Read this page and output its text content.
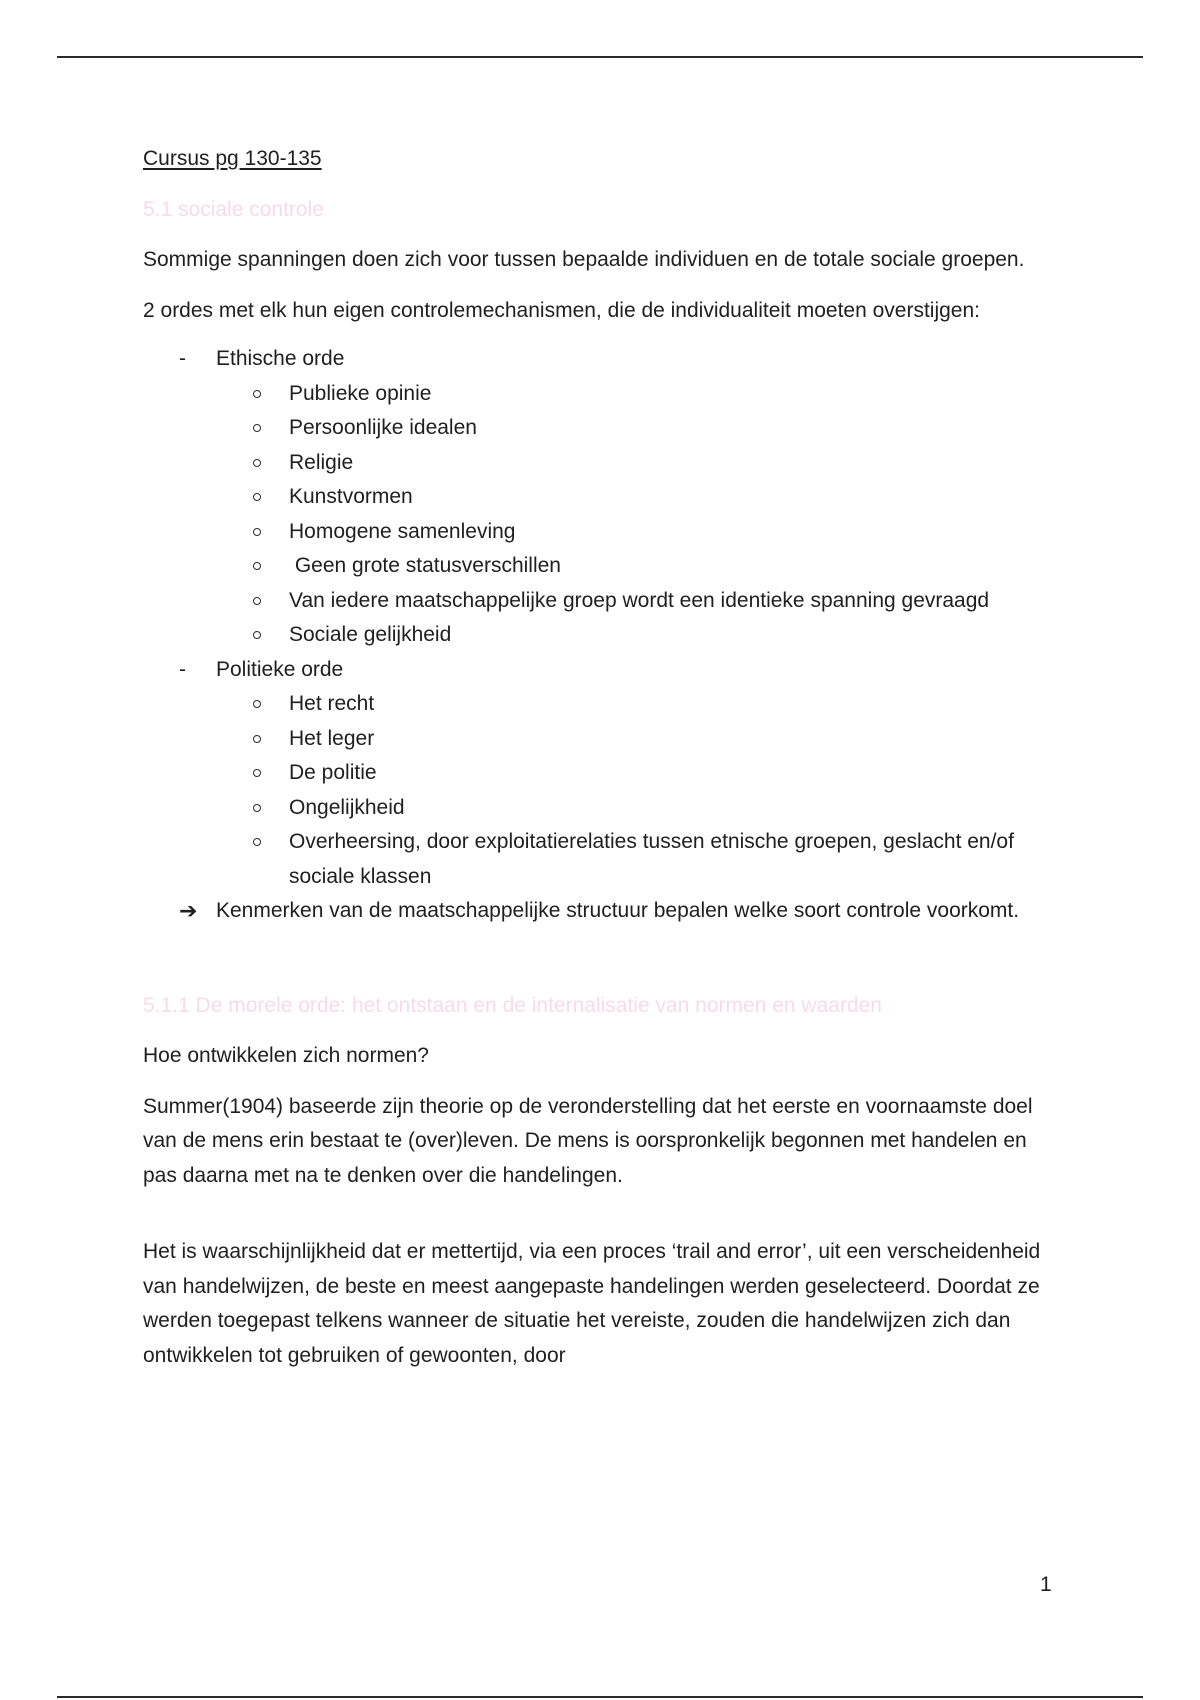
Cursus pg 130-135

5.1 sociale controle

Sommige spanningen doen zich voor tussen bepaalde individuen en de totale sociale groepen.

2 ordes met elk hun eigen controlemechanismen, die de individualiteit moeten overstijgen:

- Ethische orde
Publieke opinie
Persoonlijke idealen
Religie
Kunstvormen
Homogene samenleving
Geen grote statusverschillen
Van iedere maatschappelijke groep wordt een identieke spanning gevraagd
Sociale gelijkheid
- Politieke orde
Het recht
Het leger
De politie
Ongelijkheid
Overheersing, door exploitatierelaties tussen etnische groepen, geslacht en/of sociale klassen

➔ Kenmerken van de maatschappelijke structuur bepalen welke soort controle voorkomt.

5.1.1 De morele orde: het ontstaan en de internalisatie van normen en waarden

Hoe ontwikkelen zich normen?

Summer(1904) baseerde zijn theorie op de veronderstelling dat het eerste en voornaamste doel van de mens erin bestaat te (over)leven. De mens is oorspronkelijk begonnen met handelen en pas daarna met na te denken over die handelingen.

Het is waarschijnlijkheid dat er mettertijd, via een proces ‘trail and error’, uit een verscheidenheid van handelwijzen, de beste en meest aangepaste handelingen werden geselecteerd. Doordat ze werden toegepast telkens wanneer de situatie het vereiste, zouden die handelwijzen zich dan ontwikkelen tot gebruiken of gewoonten, door

1
